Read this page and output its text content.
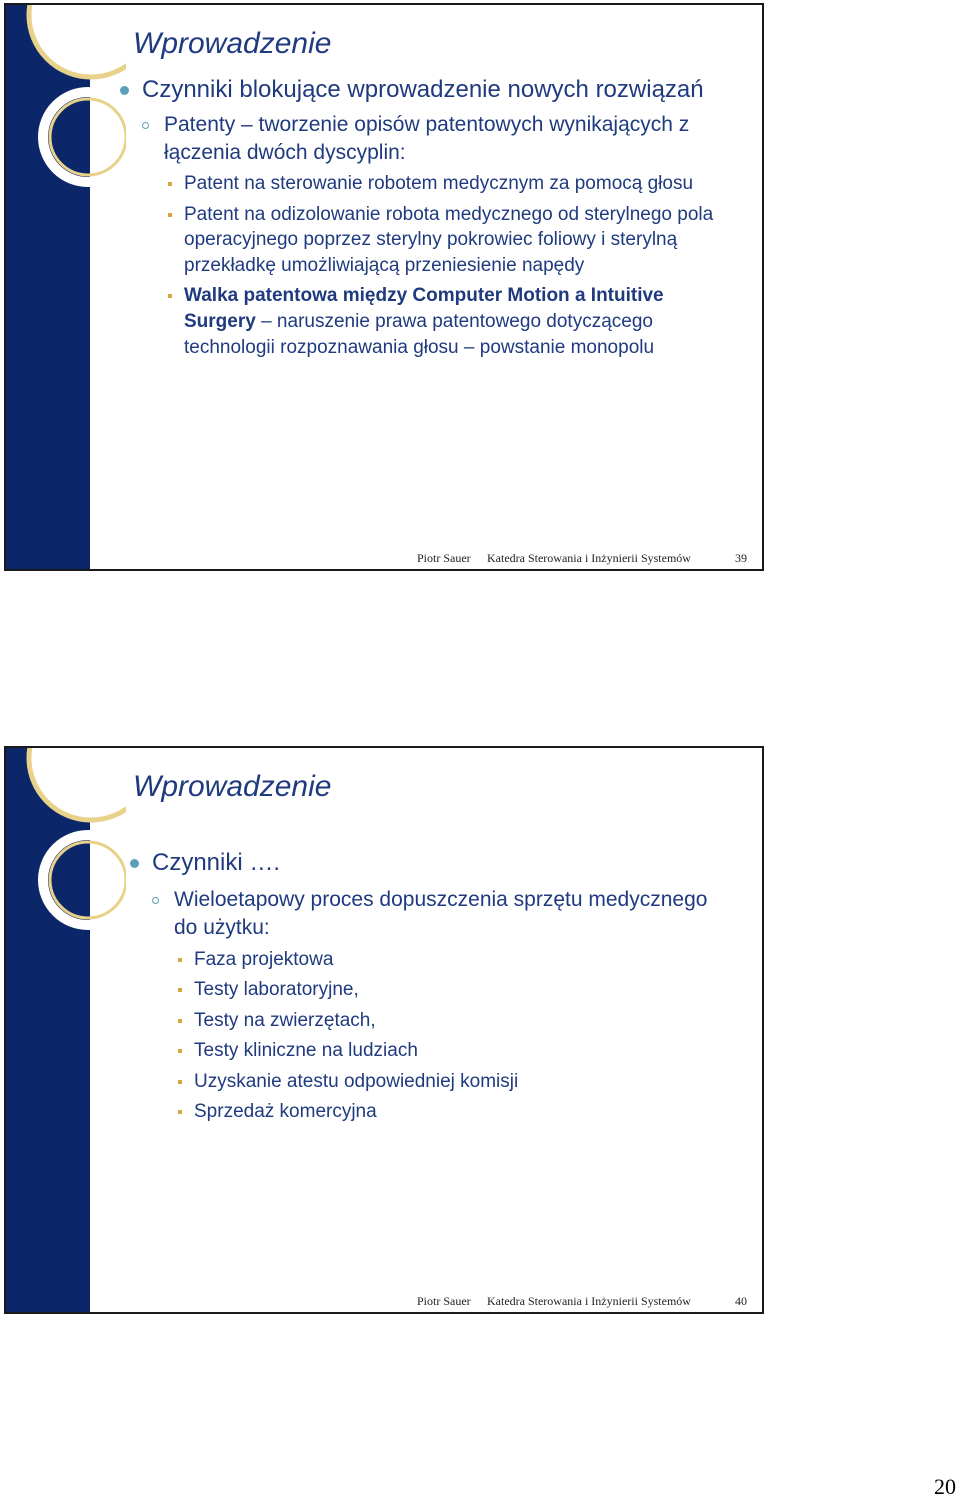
Wprowadzenie
Czynniki blokujące wprowadzenie nowych rozwiązań
Patenty – tworzenie opisów patentowych wynikających z łączenia dwóch dyscyplin:
Patent na sterowanie robotem medycznym za pomocą głosu
Patent na odizolowanie robota medycznego od sterylnego pola operacyjnego poprzez sterylny pokrowiec foliowy i sterylną przekładkę umożliwiającą przeniesienie napędy
Walka patentowa między Computer Motion a Intuitive Surgery – naruszenie prawa patentowego dotyczącego technologii rozpoznawania głosu – powstanie monopolu
Piotr Sauer Katedra Sterowania i Inżynierii Systemów	39
Wprowadzenie
Czynniki ….
Wieloetapowy proces dopuszczenia sprzętu medycznego do użytku:
Faza projektowa
Testy laboratoryjne,
Testy na zwierzętach,
Testy kliniczne na ludziach
Uzyskanie atestu odpowiedniej komisji
Sprzedaż komercyjna
Piotr Sauer Katedra Sterowania i Inżynierii Systemów	40
20
